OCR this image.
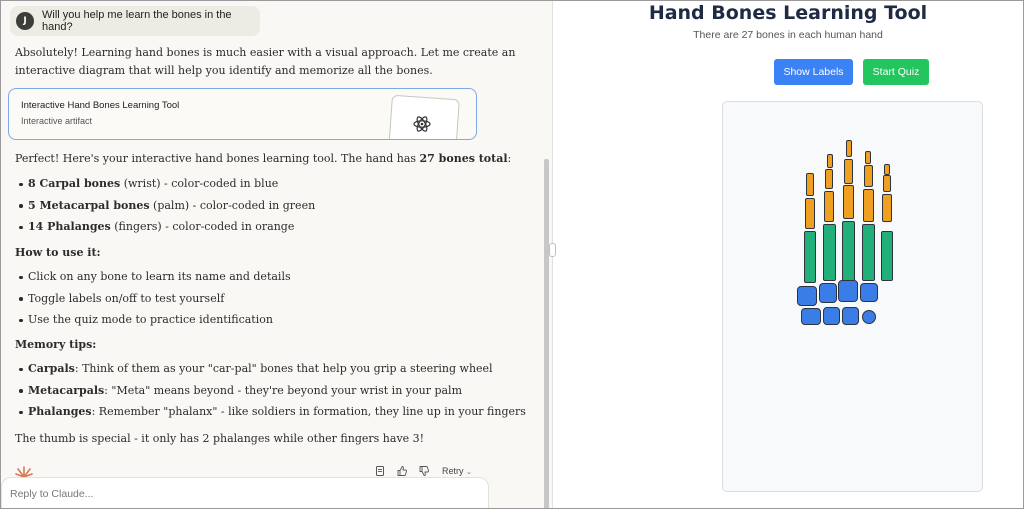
J	Will you help me learn the bones in the hand?
Absolutely! Learning hand bones is much easier with a visual approach. Let me create an
interactive diagram that will help you identify and memorize all the bones.
Interactive Hand Bones Learning Tool
Interactive artifact
Perfect! Here's your interactive hand bones learning tool. The hand has 27 bones total:
8 Carpal bones (wrist) - color-coded in blue
5 Metacarpal bones (palm) - color-coded in green
14 Phalanges (fingers) - color-coded in orange
How to use it:
Click on any bone to learn its name and details
Toggle labels on/off to test yourself
Use the quiz mode to practice identification
Memory tips:
Carpals: Think of them as your "car-pal" bones that help you grip a steering wheel
Metacarpals: "Meta" means beyond - they're beyond your wrist in your palm
Phalanges: Remember "phalanx" - like soldiers in formation, they line up in your fingers
The thumb is special - it only has 2 phalanges while other fingers have 3!
Retry ⌄
Reply to Claude...
Hand Bones Learning Tool
There are 27 bones in each human hand
Show Labels	Start Quiz
